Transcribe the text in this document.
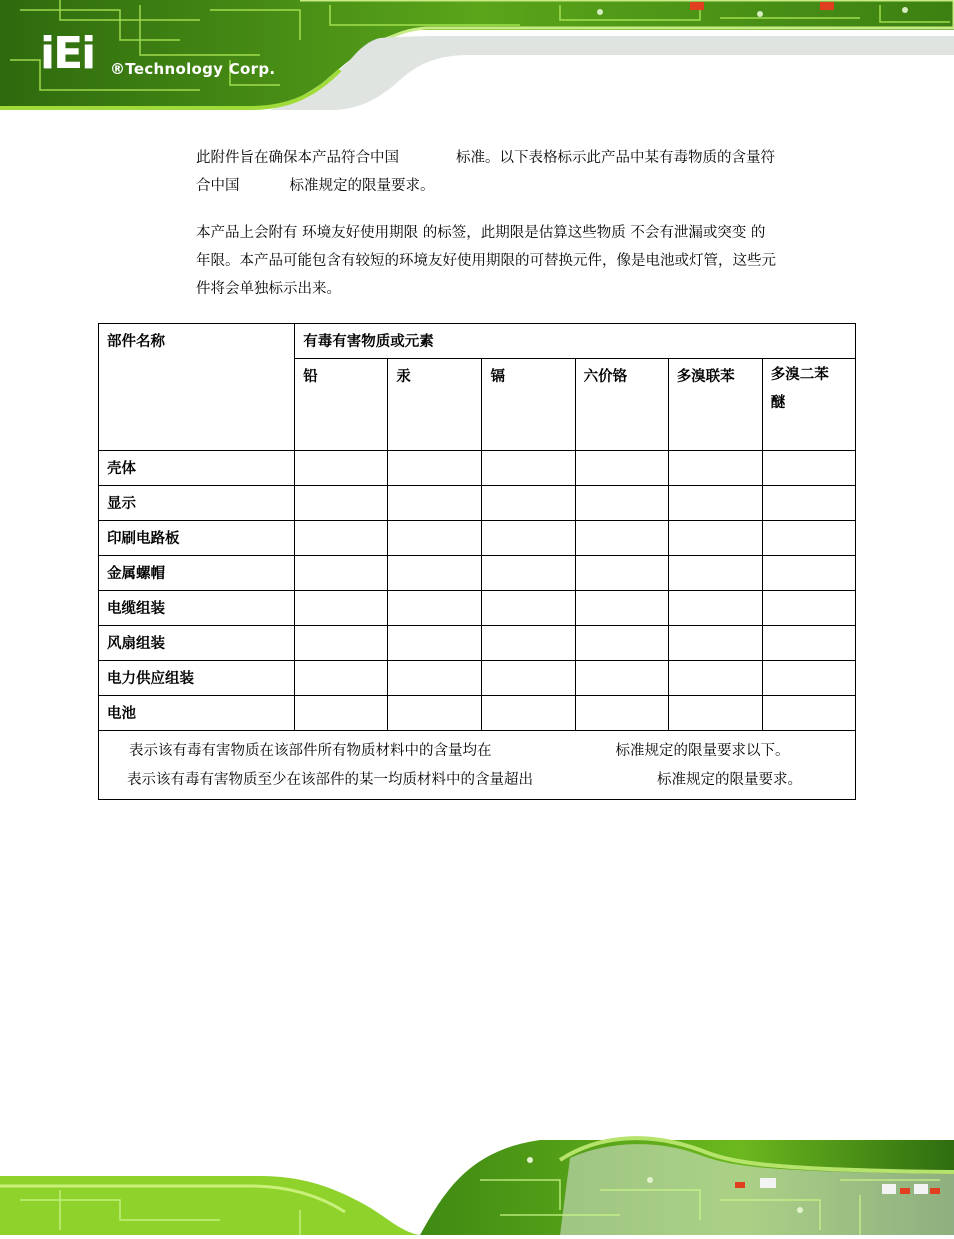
iEi ®Technology Corp.
此附件旨在确保本产品符合中国	标准。以下表格标示此产品中某有毒物质的含量符
合中国	标准规定的限量要求。
本产品上会附有 环境友好使用期限 的标签，此期限是估算这些物质 不会有泄漏或突变 的
年限。本产品可能包含有较短的环境友好使用期限的可替换元件，像是电池或灯管，这些元
件将会单独标示出来。
部件名称	有毒有害物质或元素					
	铅	汞	镉	六价铬	多溴联苯	多溴二苯
醚
壳体						
显示						
印刷电路板						
金属螺帽						
电缆组装						
风扇组装						
电力供应组装						
电池						
表示该有毒有害物质在该部件所有物质材料中的含量均在 标准规定的限量要求以下。
表示该有毒有害物质至少在该部件的某一均质材料中的含量超出 标准规定的限量要求。						
